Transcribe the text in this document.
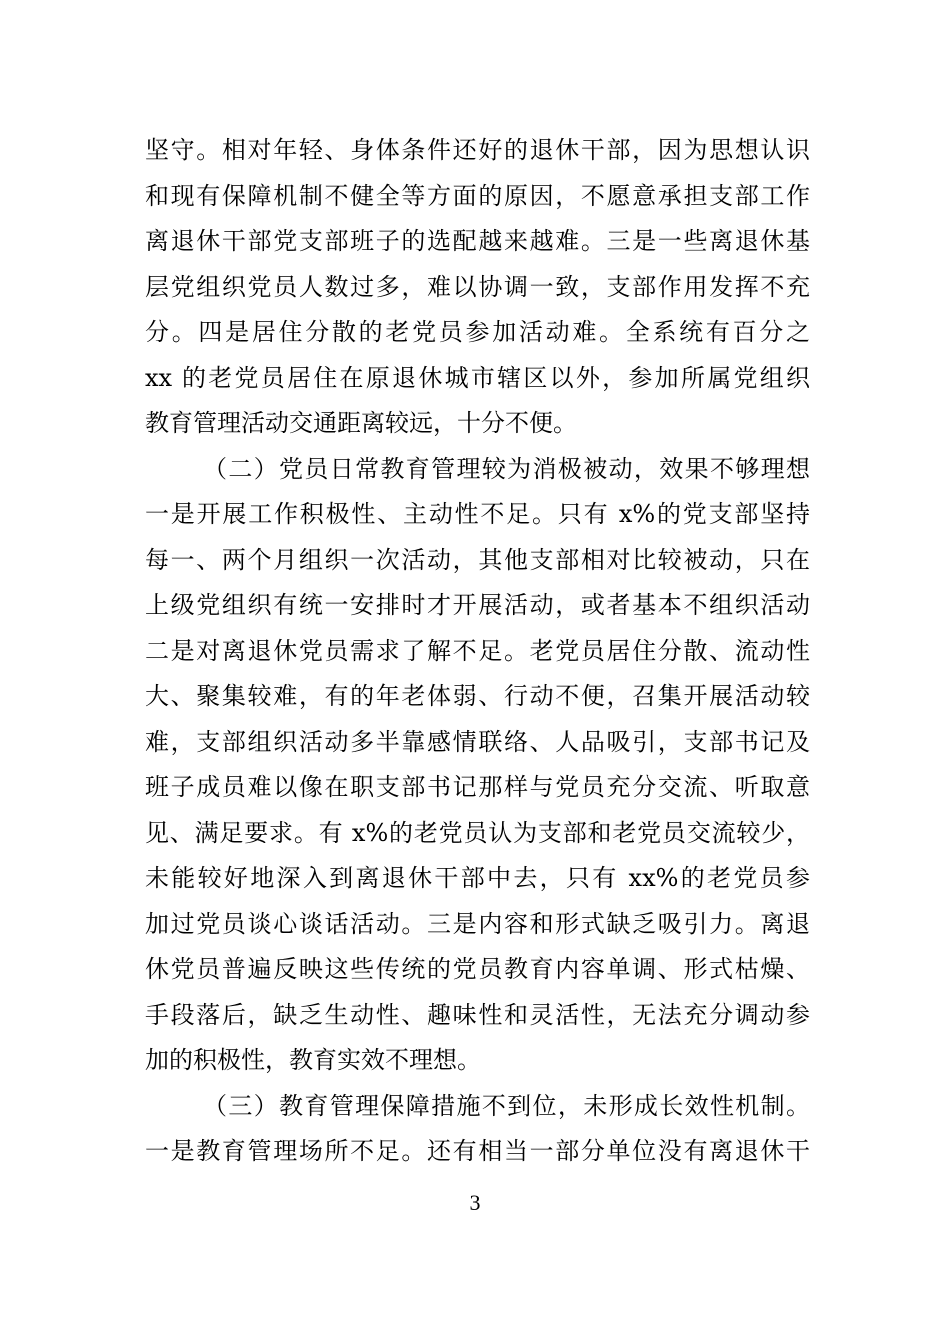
坚守。相对年轻、身体条件还好的退休干部，因为思想认识
和现有保障机制不健全等方面的原因，不愿意承担支部工作
离退休干部党支部班子的选配越来越难。三是一些离退休基
层党组织党员人数过多，难以协调一致，支部作用发挥不充
分。四是居住分散的老党员参加活动难。全系统有百分之
xx 的老党员居住在原退休城市辖区以外，参加所属党组织
教育管理活动交通距离较远，十分不便。
（二）党员日常教育管理较为消极被动，效果不够理想
一是开展工作积极性、主动性不足。只有 x%的党支部坚持
每一、两个月组织一次活动，其他支部相对比较被动，只在
上级党组织有统一安排时才开展活动，或者基本不组织活动
二是对离退休党员需求了解不足。老党员居住分散、流动性
大、聚集较难，有的年老体弱、行动不便，召集开展活动较
难，支部组织活动多半靠感情联络、人品吸引，支部书记及
班子成员难以像在职支部书记那样与党员充分交流、听取意
见、满足要求。有 x%的老党员认为支部和老党员交流较少，
未能较好地深入到离退休干部中去，只有 xx%的老党员参
加过党员谈心谈话活动。三是内容和形式缺乏吸引力。离退
休党员普遍反映这些传统的党员教育内容单调、形式枯燥、
手段落后，缺乏生动性、趣味性和灵活性，无法充分调动参
加的积极性，教育实效不理想。
（三）教育管理保障措施不到位，未形成长效性机制。
一是教育管理场所不足。还有相当一部分单位没有离退休干
3
